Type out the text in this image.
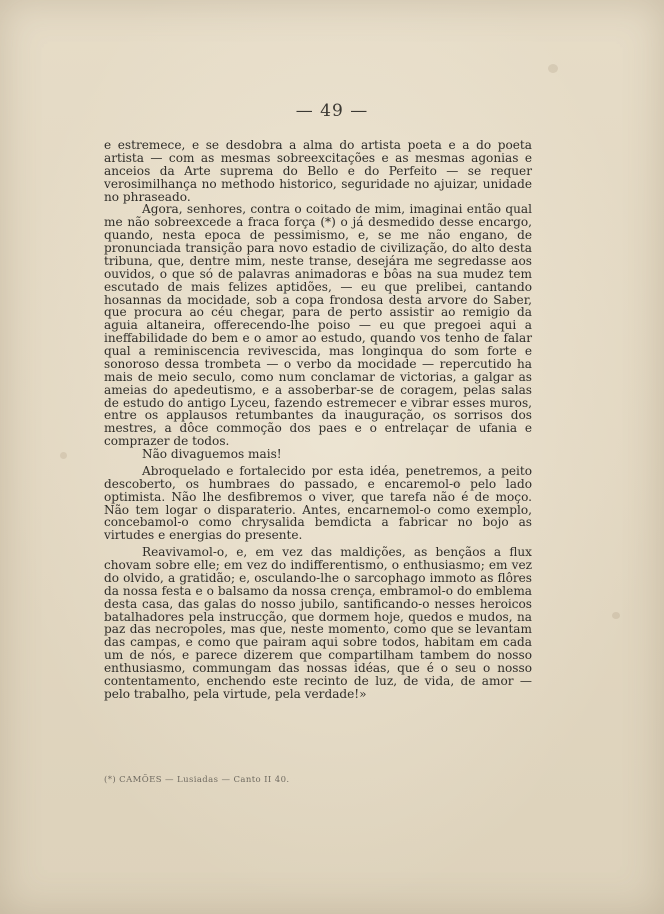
— 49 —

e estremece, e se desdobra a alma do artista poeta e a do poeta artista — com as mesmas sobreexcitações e as mesmas agonias e anceios da Arte suprema do Bello e do Perfeito — se requer verosimilhança no methodo historico, seguridade no ajuizar, unidade no phrasеado.

Agora, senhores, contra o coitado de mim, imaginai então qual me não sobreexcede a fraca força (*) o já desmedido desse encargo, quando, nesta epoca de pessimismo, e, se me não engano, de pronunciada transição para novo estadio de civilização, do alto desta tribuna, que, dentre mim, neste transe, desejára me segredasse aos ouvidos, o que só de palavras animadoras e bôas na sua mudez tem escutado de mais felizes aptidões, — eu que prelibei, cantando hosannas da mocidade, sob a copa frondosa desta arvore do Saber, que procura ao céu chegar, para de perto assistir ao remigio da aguia altaneira, offerecendo-lhe poiso — eu que pregoei aqui a ineffabilidade do bem e o amor ao estudo, quando vos tenho de falar qual a reminiscencia revivescida, mas longinqua do som forte e sonoroso dessa trombeta — o verbo da mocidade — repercutido ha mais de meio seculo, como num conclamar de victorias, a galgar as ameias do apedeutismo, e a assoberbar-se de coragem, pelas salas de estudo do antigo Lyceu, fazendo estremecer e vibrar esses muros, entre os applausos retumbantes da inauguração, os sorrisos dos mestres, a dôce commoção dos paes e o entrelaçar de ufania e comprazer de todos.

Não divaguemos mais!

Abroquelado e fortalecido por esta idéa, penetremos, a peito descoberto, os humbraes do passado, e encaremol-o pelo lado optimista. Não lhe desfibremos o viver, que tarefa não é de moço. Não tem logar o disparaterio. Antes, encarnemol-o como exemplo, concebamol-o como chrysalida bemdicta a fabricar no bojo as virtudes e energias do presente.

Reavivamol-o, e, em vez das maldições, as bençãos a flux chovam sobre elle; em vez do indifferentismo, o enthusiasmo; em vez do olvido, a gratidão; e, osculando-lhe o sarcophago immoto as flôres da nossa festa e o balsamo da nossa crença, embramol-o do emblema desta casa, das galas do nosso jubilo, santificando-o nesses heroicos batalhadores pela instrucção, que dormem hoje, quedos e mudos, na paz das necropoles, mas que, neste momento, como que se levantam das campas, e como que pairam aqui sobre todos, habitam em cada um de nós, e parece dizerem que compartilham tambem do nosso enthusiasmo, commungam das nossas idéas, que é o seu o nosso contentamento, enchendo este recinto de luz, de vida, de amor — pelo trabalho, pela virtude, pela verdade!»

(*) CAMÕES — Lusiadas — Canto II 40.
